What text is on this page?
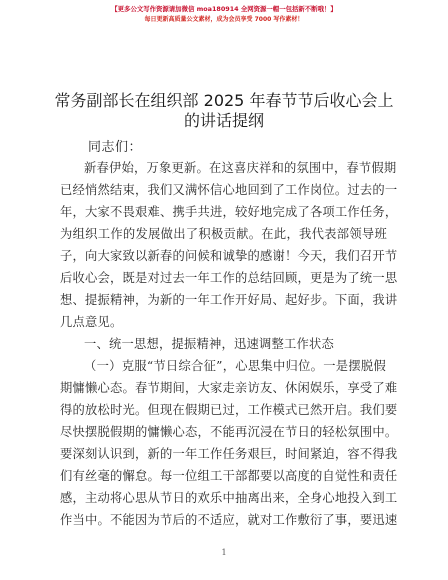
【更多公文写作资源请加微信 moa180914 全网资源一帽一包括新不断哦！】
每日更新高质量公文素材，成为会员享受 7000 写作素材！
常务副部长在组织部 2025 年春节节后收心会上
的讲话提纲
同志们：
新春伊始，万象更新。在这喜庆祥和的氛围中，春节假期
已经悄然结束，我们又满怀信心地回到了工作岗位。过去的一
年，大家不畏艰难、携手共进，较好地完成了各项工作任务，
为组织工作的发展做出了积极贡献。在此，我代表部领导班
子，向大家致以新春的问候和诚挚的感谢！今天，我们召开节
后收心会，既是对过去一年工作的总结回顾，更是为了统一思
想、提振精神，为新的一年工作开好局、起好步。下面，我讲
几点意见。
一、统一思想，提振精神，迅速调整工作状态
（一）克服“节日综合征”，心思集中归位。一是摆脱假
期慵懒心态。春节期间，大家走亲访友、休闲娱乐，享受了难
得的放松时光。但现在假期已过，工作模式已然开启。我们要
尽快摆脱假期的慵懒心态，不能再沉浸在节日的轻松氛围中。
要深刻认识到，新的一年工作任务艰巨，时间紧迫，容不得我
们有丝毫的懈怠。每一位组工干部都要以高度的自觉性和责任
感，主动将心思从节日的欢乐中抽离出来，全身心地投入到工
作当中。不能因为节后的不适应，就对工作敷衍了事，要迅速
1
